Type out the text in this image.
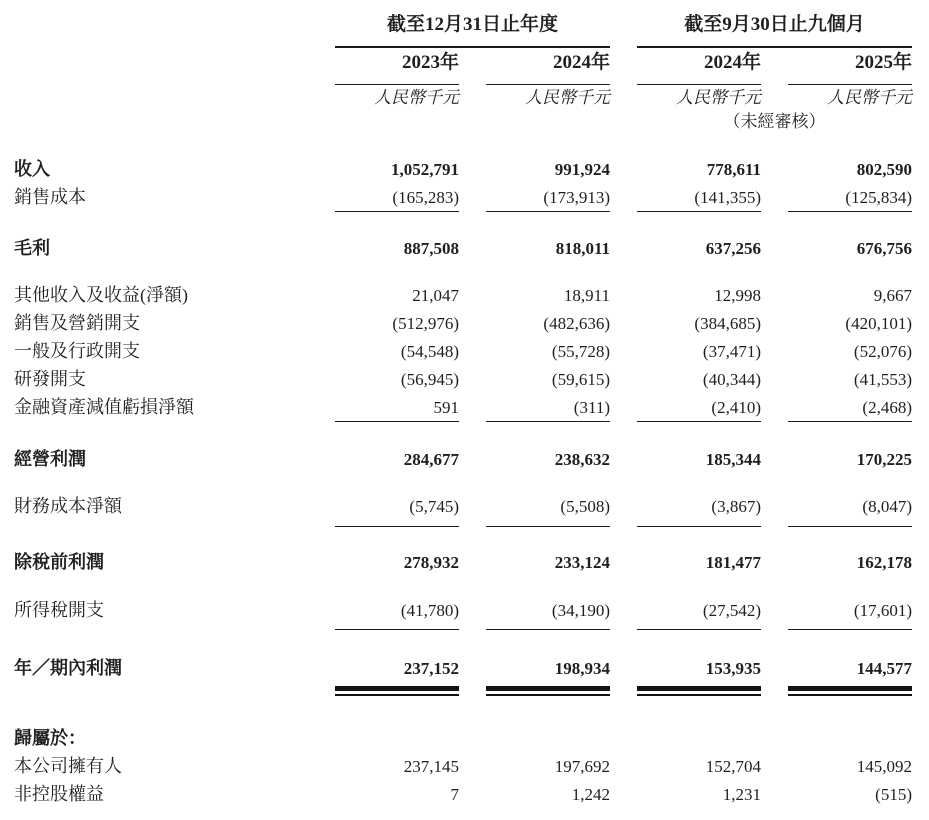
截至12月31日止年度	截至9月30日止九個月
2023年	2024年	2024年	2025年
人民幣千元	人民幣千元	人民幣千元	人民幣千元
（未經審核）
收入	1,052,791	991,924	778,611	802,590
銷售成本	(165,283)	(173,913)	(141,355)	(125,834)
毛利	887,508	818,011	637,256	676,756
其他收入及收益(淨額)	21,047	18,911	12,998	9,667
銷售及營銷開支	(512,976)	(482,636)	(384,685)	(420,101)
一般及行政開支	(54,548)	(55,728)	(37,471)	(52,076)
研發開支	(56,945)	(59,615)	(40,344)	(41,553)
金融資產減值虧損淨額	591	(311)	(2,410)	(2,468)
經營利潤	284,677	238,632	185,344	170,225
財務成本淨額	(5,745)	(5,508)	(3,867)	(8,047)
除稅前利潤	278,932	233,124	181,477	162,178
所得稅開支	(41,780)	(34,190)	(27,542)	(17,601)
年／期內利潤	237,152	198,934	153,935	144,577
歸屬於：
本公司擁有人	237,145	197,692	152,704	145,092
非控股權益	7	1,242	1,231	(515)
